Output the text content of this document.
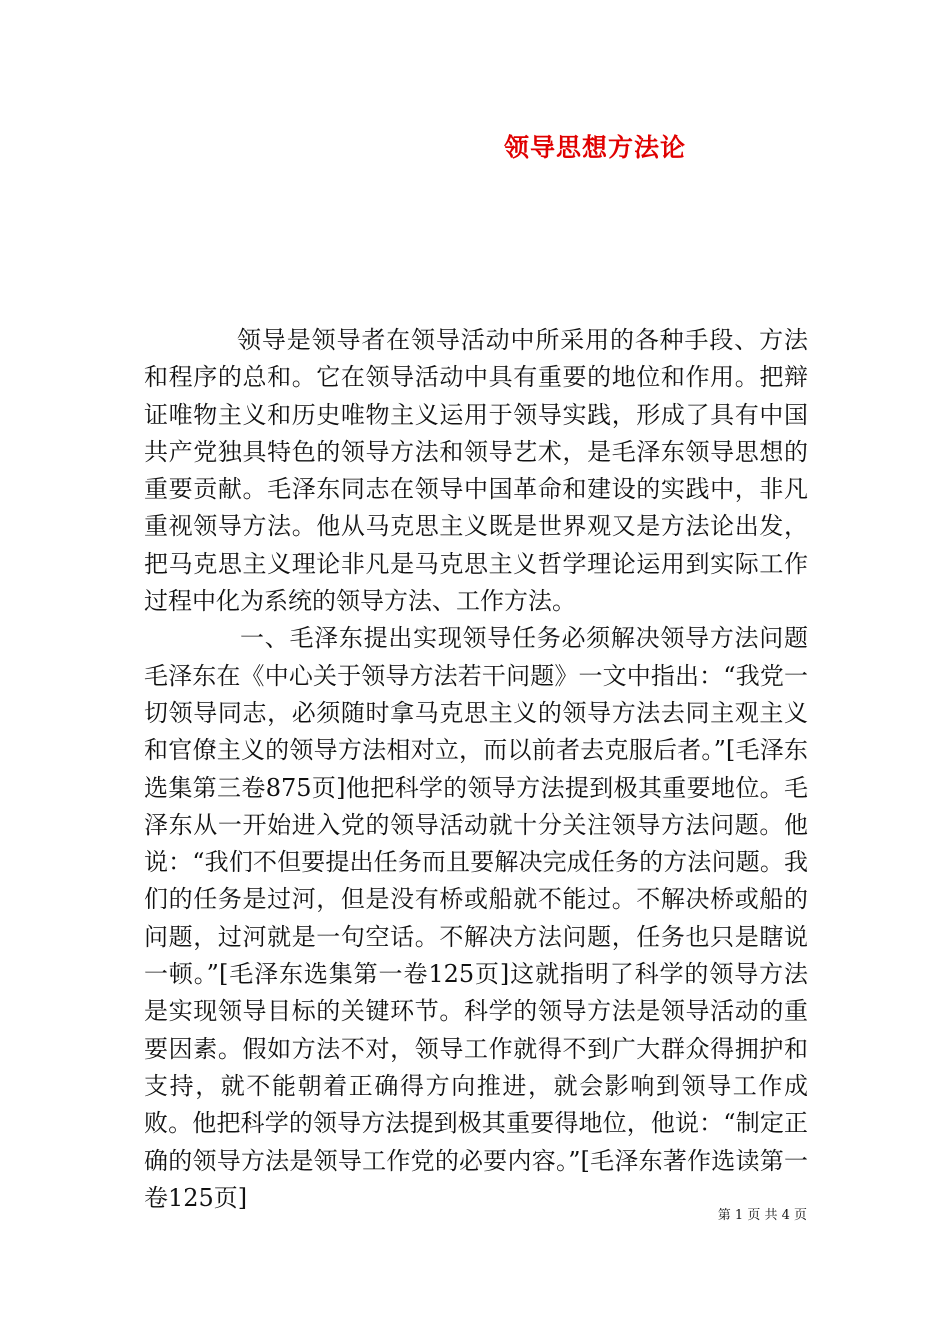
领导思想方法论

领导是领导者在领导活动中所采用的各种手段、方法和程序的总和。它在领导活动中具有重要的地位和作用。把辩证唯物主义和历史唯物主义运用于领导实践，形成了具有中国共产党独具特色的领导方法和领导艺术，是毛泽东领导思想的重要贡献。毛泽东同志在领导中国革命和建设的实践中，非凡重视领导方法。他从马克思主义既是世界观又是方法论出发，把马克思主义理论非凡是马克思主义哲学理论运用到实际工作过程中化为系统的领导方法、工作方法。

一、毛泽东提出实现领导任务必须解决领导方法问题毛泽东在《中心关于领导方法若干问题》一文中指出：“我党一切领导同志，必须随时拿马克思主义的领导方法去同主观主义和官僚主义的领导方法相对立，而以前者去克服后者。”[毛泽东选集第三卷875页]他把科学的领导方法提到极其重要地位。毛泽东从一开始进入党的领导活动就十分关注领导方法问题。他说：“我们不但要提出任务而且要解决完成任务的方法问题。我们的任务是过河，但是没有桥或船就不能过。不解决桥或船的问题，过河就是一句空话。不解决方法问题，任务也只是瞎说一顿。”[毛泽东选集第一卷125页]这就指明了科学的领导方法是实现领导目标的关键环节。科学的领导方法是领导活动的重要因素。假如方法不对，领导工作就得不到广大群众得拥护和支持，就不能朝着正确得方向推进，就会影响到领导工作成败。他把科学的领导方法提到极其重要得地位，他说：“制定正确的领导方法是领导工作党的必要内容。”[毛泽东著作选读第一卷125页]

第 1 页 共 4 页
